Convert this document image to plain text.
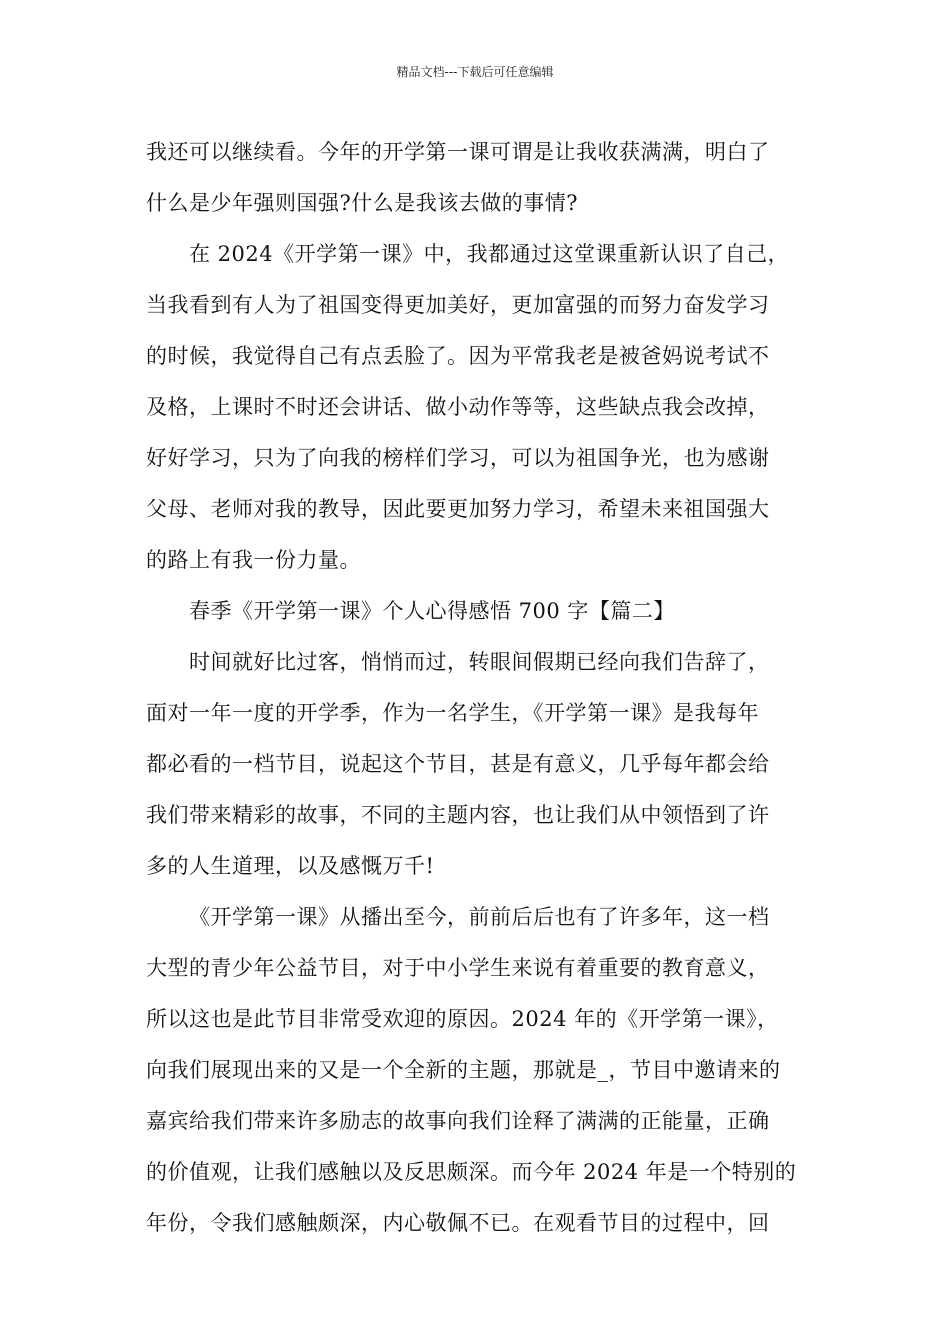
精品文档---下载后可任意编辑
我还可以继续看。今年的开学第一课可谓是让我收获满满，明白了
什么是少年强则国强?什么是我该去做的事情?
在 2024《开学第一课》中，我都通过这堂课重新认识了自己，
当我看到有人为了祖国变得更加美好，更加富强的而努力奋发学习
的时候，我觉得自己有点丢脸了。因为平常我老是被爸妈说考试不
及格，上课时不时还会讲话、做小动作等等，这些缺点我会改掉，
好好学习，只为了向我的榜样们学习，可以为祖国争光，也为感谢
父母、老师对我的教导，因此要更加努力学习，希望未来祖国强大
的路上有我一份力量。
春季《开学第一课》个人心得感悟 700 字【篇二】
时间就好比过客，悄悄而过，转眼间假期已经向我们告辞了，
面对一年一度的开学季，作为一名学生，《开学第一课》是我每年
都必看的一档节目，说起这个节目，甚是有意义，几乎每年都会给
我们带来精彩的故事，不同的主题内容，也让我们从中领悟到了许
多的人生道理，以及感慨万千!
《开学第一课》从播出至今，前前后后也有了许多年，这一档
大型的青少年公益节目，对于中小学生来说有着重要的教育意义，
所以这也是此节目非常受欢迎的原因。2024 年的《开学第一课》，
向我们展现出来的又是一个全新的主题，那就是_，节目中邀请来的
嘉宾给我们带来许多励志的故事向我们诠释了满满的正能量，正确
的价值观，让我们感触以及反思颇深。而今年 2024 年是一个特别的
年份，令我们感触颇深，内心敬佩不已。在观看节目的过程中，回
